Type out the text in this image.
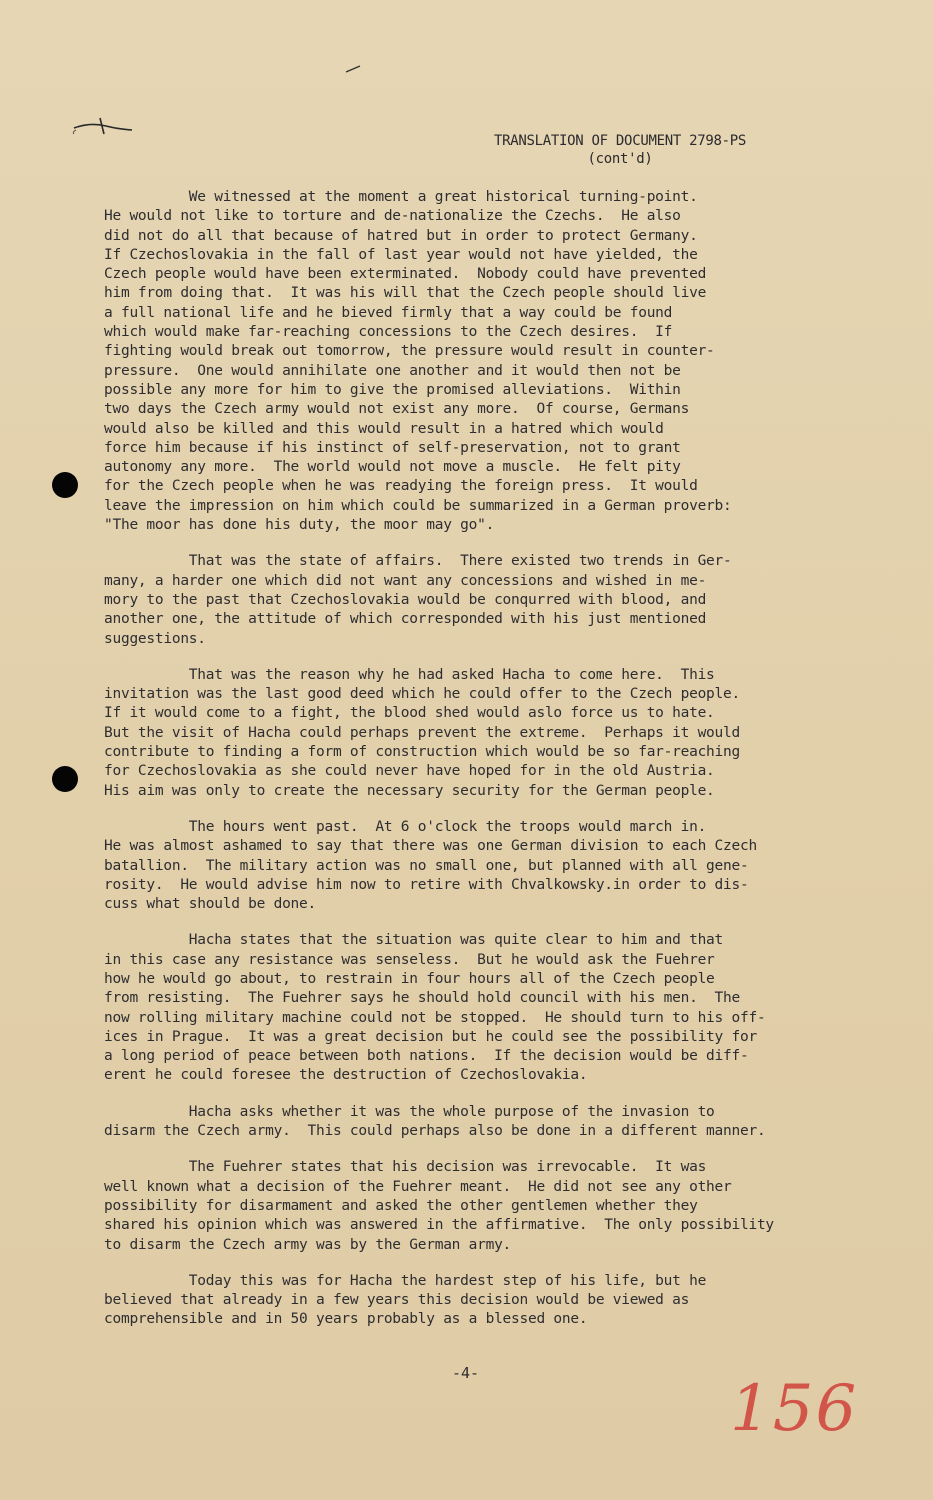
TRANSLATION OF DOCUMENT 2798-PS
(cont'd)

We witnessed at the moment a great historical turning-point.
He would not like to torture and de-nationalize the Czechs.  He also
did not do all that because of hatred but in order to protect Germany.
If Czechoslovakia in the fall of last year would not have yielded, the
Czech people would have been exterminated.  Nobody could have prevented
him from doing that.  It was his will that the Czech people should live
a full national life and he bieved firmly that a way could be found
which would make far-reaching concessions to the Czech desires.  If
fighting would break out tomorrow, the pressure would result in counter-
pressure.  One would annihilate one another and it would then not be
possible any more for him to give the promised alleviations.  Within
two days the Czech army would not exist any more.  Of course, Germans
would also be killed and this would result in a hatred which would
force him because if his instinct of self-preservation, not to grant
autonomy any more.  The world would not move a muscle.  He felt pity
for the Czech people when he was readying the foreign press.  It would
leave the impression on him which could be summarized in a German proverb:
"The moor has done his duty, the moor may go".

That was the state of affairs.  There existed two trends in Ger-
many, a harder one which did not want any concessions and wished in me-
mory to the past that Czechoslovakia would be conqurred with blood, and
another one, the attitude of which corresponded with his just mentioned
suggestions.

That was the reason why he had asked Hacha to come here.  This
invitation was the last good deed which he could offer to the Czech people.
If it would come to a fight, the blood shed would aslo force us to hate.
But the visit of Hacha could perhaps prevent the extreme.  Perhaps it would
contribute to finding a form of construction which would be so far-reaching
for Czechoslovakia as she could never have hoped for in the old Austria.
His aim was only to create the necessary security for the German people.

The hours went past.  At 6 o'clock the troops would march in.
He was almost ashamed to say that there was one German division to each Czech
batallion.  The military action was no small one, but planned with all gene-
rosity.  He would advise him now to retire with Chvalkowsky.in order to dis-
cuss what should be done.

Hacha states that the situation was quite clear to him and that
in this case any resistance was senseless.  But he would ask the Fuehrer
how he would go about, to restrain in four hours all of the Czech people
from resisting.  The Fuehrer says he should hold council with his men.  The
now rolling military machine could not be stopped.  He should turn to his off-
ices in Prague.  It was a great decision but he could see the possibility for
a long period of peace between both nations.  If the decision would be diff-
erent he could foresee the destruction of Czechoslovakia.

Hacha asks whether it was the whole purpose of the invasion to
disarm the Czech army.  This could perhaps also be done in a different manner.

The Fuehrer states that his decision was irrevocable.  It was
well known what a decision of the Fuehrer meant.  He did not see any other
possibility for disarmament and asked the other gentlemen whether they
shared his opinion which was answered in the affirmative.  The only possibility
to disarm the Czech army was by the German army.

Today this was for Hacha the hardest step of his life, but he
believed that already in a few years this decision would be viewed as
comprehensible and in 50 years probably as a blessed one.

-4-	156
